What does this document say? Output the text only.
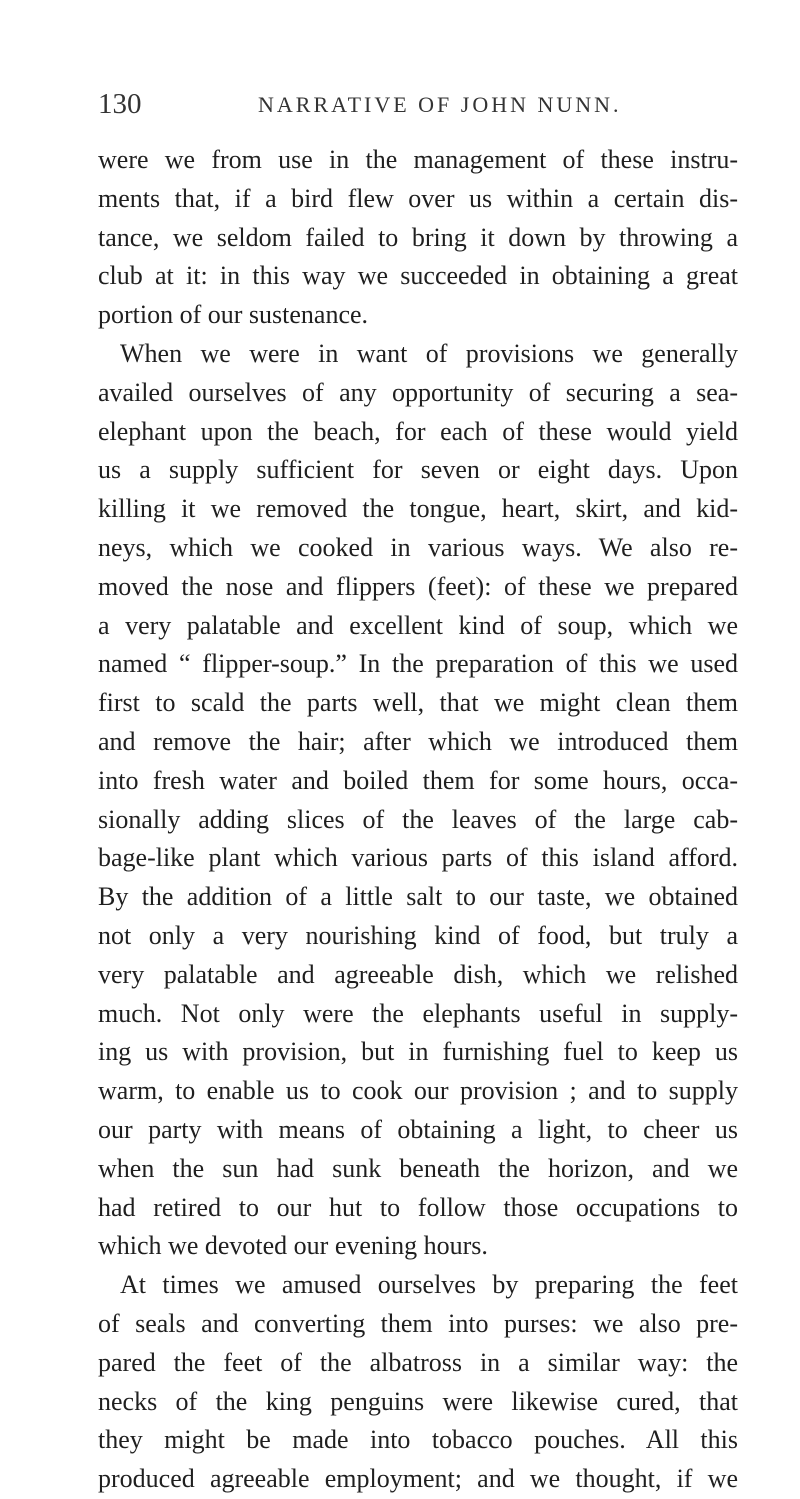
130	NARRATIVE OF JOHN NUNN.
were we from use in the management of these instru-
ments that, if a bird flew over us within a certain dis-
tance, we seldom failed to bring it down by throwing a
club at it: in this way we succeeded in obtaining a great
portion of our sustenance.
When we were in want of provisions we generally
availed ourselves of any opportunity of securing a sea-
elephant upon the beach, for each of these would yield
us a supply sufficient for seven or eight days. Upon
killing it we removed the tongue, heart, skirt, and kid-
neys, which we cooked in various ways. We also re-
moved the nose and flippers (feet): of these we prepared
a very palatable and excellent kind of soup, which we
named “ flipper-soup.” In the preparation of this we used
first to scald the parts well, that we might clean them
and remove the hair; after which we introduced them
into fresh water and boiled them for some hours, occa-
sionally adding slices of the leaves of the large cab-
bage-like plant which various parts of this island afford.
By the addition of a little salt to our taste, we obtained
not only a very nourishing kind of food, but truly a
very palatable and agreeable dish, which we relished
much. Not only were the elephants useful in supply-
ing us with provision, but in furnishing fuel to keep us
warm, to enable us to cook our provision ; and to supply
our party with means of obtaining a light, to cheer us
when the sun had sunk beneath the horizon, and we
had retired to our hut to follow those occupations to
which we devoted our evening hours.
At times we amused ourselves by preparing the feet
of seals and converting them into purses: we also pre-
pared the feet of the albatross in a similar way: the
necks of the king penguins were likewise cured, that
they might be made into tobacco pouches. All this
produced agreeable employment; and we thought, if we
